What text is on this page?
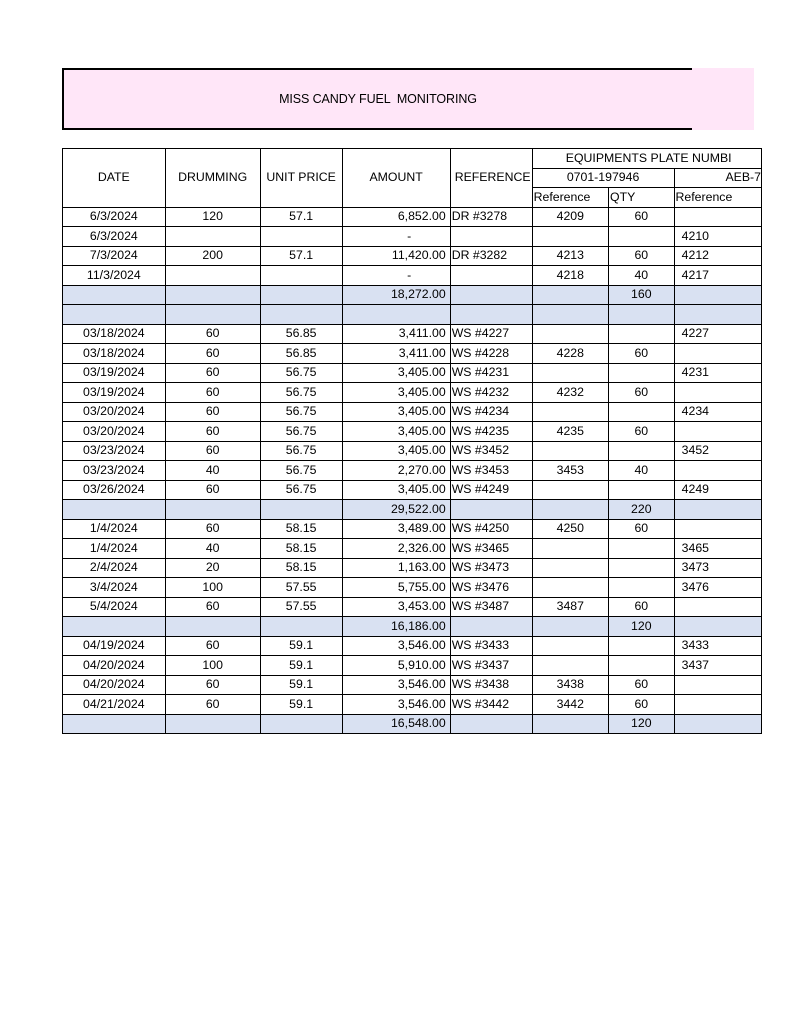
MISS CANDY FUEL  MONITORING
DATE	DRUMMING	UNIT PRICE	AMOUNT	REFERENCE	EQUIPMENTS PLATE NUMBI		
					0701-197946		AEB-7
					Reference	QTY	Reference
6/3/2024	120	57.1	6,852.00	DR #3278	4209	60	
6/3/2024			-				4210
7/3/2024	200	57.1	11,420.00	DR #3282	4213	60	4212
11/3/2024			-		4218	40	4217
			18,272.00			160	

03/18/2024	60	56.85	3,411.00	WS #4227			4227
03/18/2024	60	56.85	3,411.00	WS #4228	4228	60	
03/19/2024	60	56.75	3,405.00	WS #4231			4231
03/19/2024	60	56.75	3,405.00	WS #4232	4232	60	
03/20/2024	60	56.75	3,405.00	WS #4234			4234
03/20/2024	60	56.75	3,405.00	WS #4235	4235	60	
03/23/2024	60	56.75	3,405.00	WS #3452			3452
03/23/2024	40	56.75	2,270.00	WS #3453	3453	40	
03/26/2024	60	56.75	3,405.00	WS #4249			4249
			29,522.00			220	
1/4/2024	60	58.15	3,489.00	WS #4250	4250	60	
1/4/2024	40	58.15	2,326.00	WS #3465			3465
2/4/2024	20	58.15	1,163.00	WS #3473			3473
3/4/2024	100	57.55	5,755.00	WS #3476			3476
5/4/2024	60	57.55	3,453.00	WS #3487	3487	60	
			16,186.00			120	
04/19/2024	60	59.1	3,546.00	WS #3433			3433
04/20/2024	100	59.1	5,910.00	WS #3437			3437
04/20/2024	60	59.1	3,546.00	WS #3438	3438	60	
04/21/2024	60	59.1	3,546.00	WS #3442	3442	60	
			16,548.00			120	
